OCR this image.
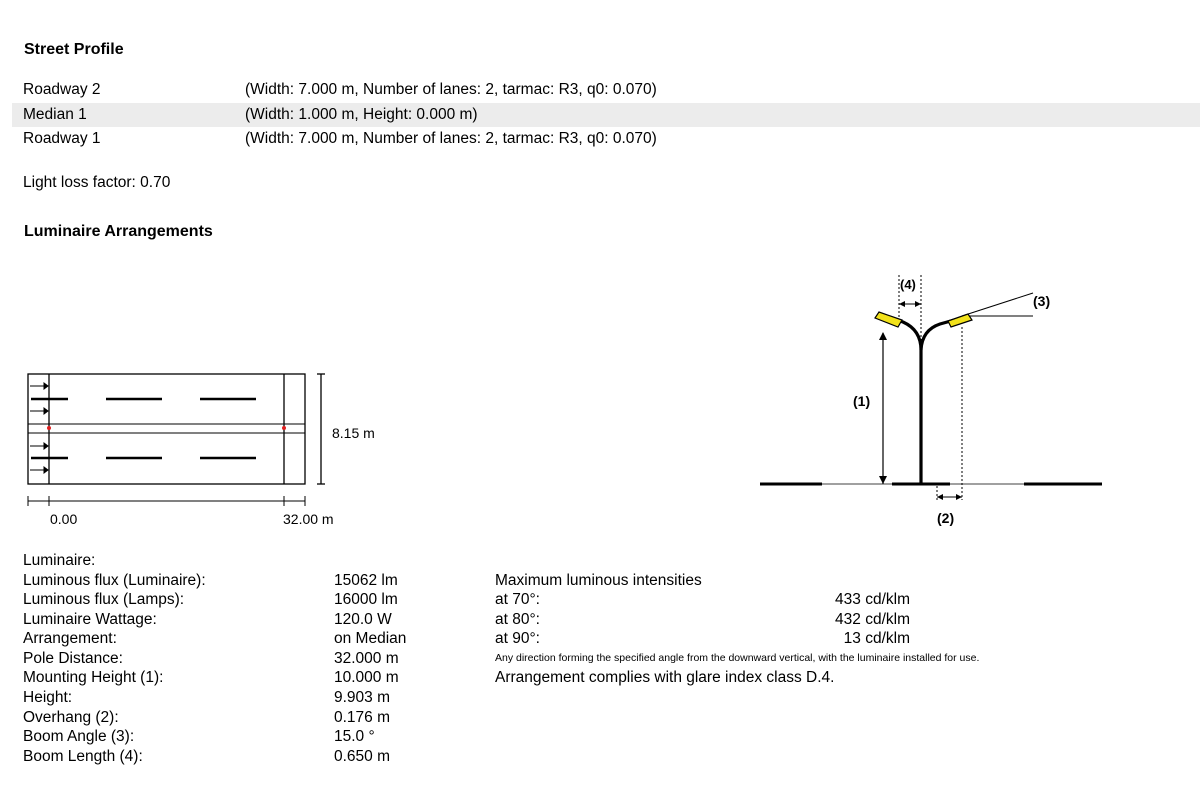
Street Profile
Roadway 2	(Width: 7.000 m, Number of lanes: 2, tarmac: R3, q0: 0.070)
Median 1	(Width: 1.000 m, Height: 0.000 m)
Roadway 1	(Width: 7.000 m, Number of lanes: 2, tarmac: R3, q0: 0.070)
Light loss factor: 0.70
Luminaire Arrangements
8.15 m
0.00	32.00 m
(1)
(2)
(3)
(4)
Luminaire:
Luminous flux (Luminaire):	15062 lm
Luminous flux (Lamps):	16000 lm
Luminaire Wattage:	120.0 W
Arrangement:	on Median
Pole Distance:	32.000 m
Mounting Height (1):	10.000 m
Height:	9.903 m
Overhang (2):	0.176 m
Boom Angle (3):	15.0 °
Boom Length (4):	0.650 m
Maximum luminous intensities
at 70°:	433 cd/klm
at 80°:	432 cd/klm
at 90°:	13 cd/klm
Any direction forming the specified angle from the downward vertical, with the luminaire installed for use.
Arrangement complies with glare index class D.4.
